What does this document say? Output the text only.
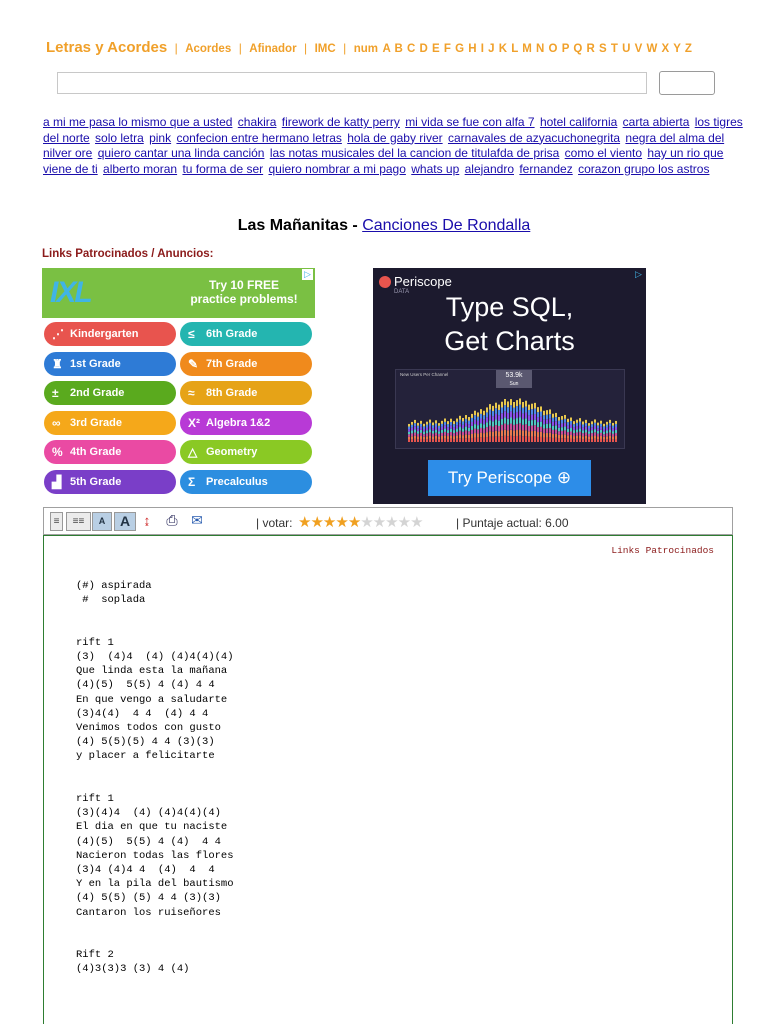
Letras y Acordes | Acordes | Afinador | IMC | num A B C D E F G H I J K L M N O P Q R S T U V W X Y Z
a mi me pasa lo mismo que a usted chakira firework de katty perry mi vida se fue con alfa 7 hotel california carta abierta los tigres del norte solo letra pink confecion entre hermano letras hola de gaby river carnavales de azyacuchonegrita negra del alma del nilver ore quiero cantar una linda canción las notas musicales del la cancion de titulafda de prisa como el viento hay un rio que viene de ti alberto moran tu forma de ser quiero nombrar a mi pago whats up alejandro fernandez corazon grupo los astros
Las Mañanitas - Canciones De Rondalla
Links Patrocinados / Anuncios:
IXL	Try 10 FREE
practice problems!
▷
⋰ Kindergarten	≤ 6th Grade
♜ 1st Grade	✎ 7th Grade
± 2nd Grade	≈ 8th Grade
∞ 3rd Grade	X² Algebra 1&2
% 4th Grade	△ Geometry
▟ 5th Grade	Σ Precalculus
Periscope
DATA
▷
Type SQL,
Get Charts
New Users Per Channel	53.9k
Sun
Try Periscope ⊕
≡	≡≡	A	A	↨	⎙ ✉	| votar: ★★★★★★★★★★	| Puntaje actual: 6.00
Links Patrocinados
(#) aspirada
#  soplada

rift 1
(3)  (4)4  (4) (4)4(4)(4)
Que linda esta la mañana
(4)(5)  5(5) 4 (4) 4 4
En que vengo a saludarte
(3)4(4)  4 4  (4) 4 4
Venimos todos con gusto
(4) 5(5)(5) 4 4 (3)(3)
y placer a felicitarte

rift 1
(3)(4)4  (4) (4)4(4)(4)
El dia en que tu naciste
(4)(5)  5(5) 4 (4)  4 4
Nacieron todas las flores
(3)4 (4)4 4  (4)  4  4
Y en la pila del bautismo
(4) 5(5) (5) 4 4 (3)(3)
Cantaron los ruiseñores

Rift 2
(4)3(3)3 (3) 4 (4)
